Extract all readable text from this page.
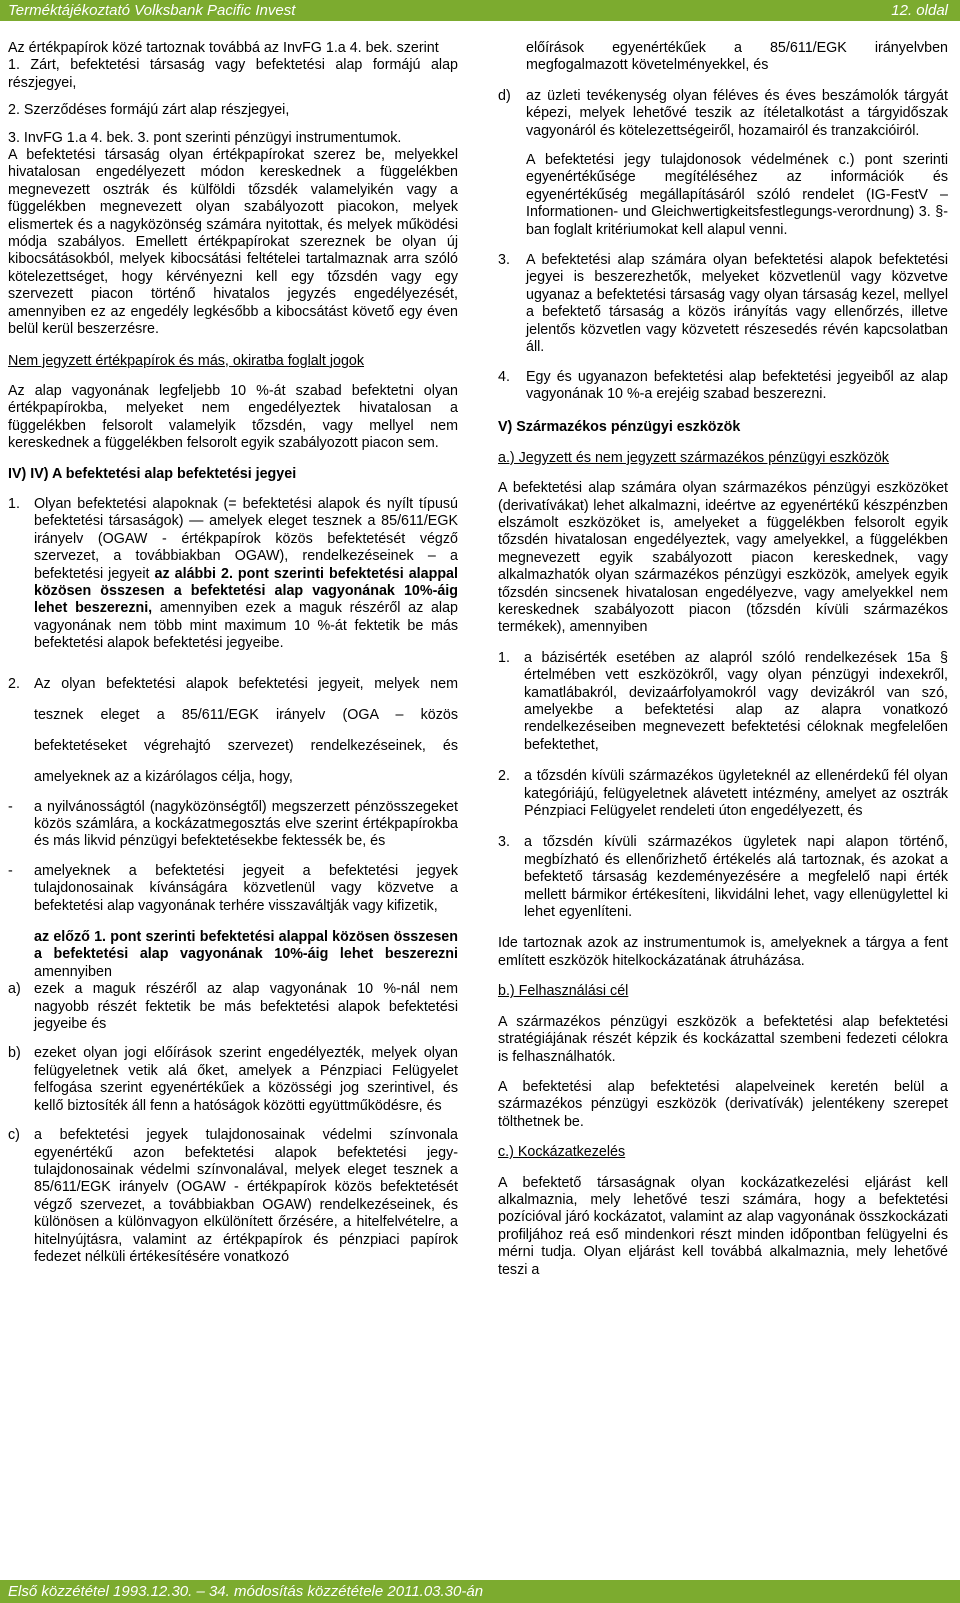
Terméktájékoztató Volksbank Pacific Invest	12. oldal

Az értékpapírok közé tartoznak továbbá az InvFG 1.a 4. bek. szerint

1. Zárt, befektetési társaság vagy befektetési alap formájú alap részjegyei,

2. Szerződéses formájú zárt alap részjegyei,

3. InvFG 1.a 4. bek. 3. pont szerinti pénzügyi instrumentumok.

A befektetési társaság olyan értékpapírokat szerez be, melyekkel hivatalosan engedélyezett módon kereskednek a függelékben megnevezett osztrák és külföldi tőzsdék valamelyikén vagy a függelékben megnevezett olyan szabályozott piacokon, melyek elismertek és a nagyközönség számára nyitottak, és melyek működési módja szabályos. Emellett értékpapírokat szereznek be olyan új kibocsátásokból, melyek kibocsátási feltételei tartalmaznak arra szóló kötelezettséget, hogy kérvényezni kell egy tőzsdén vagy egy szervezett piacon történő hivatalos jegyzés engedélyezését, amennyiben ez az engedély legkésőbb a kibocsátást követő egy éven belül kerül beszerzésre.

Nem jegyzett értékpapírok és más, okiratba foglalt jogok

Az alap vagyonának legfeljebb 10 %-át szabad befektetni olyan értékpapírokba, melyeket nem engedélyeztek hivatalosan a függelékben felsorolt valamelyik tőzsdén, vagy mellyel nem kereskednek a függelékben felsorolt egyik szabályozott piacon sem.

IV) IV) A befektetési alap befektetési jegyei

1. Olyan befektetési alapoknak (= befektetési alapok és nyílt típusú befektetési társaságok) — amelyek eleget tesznek a 85/611/EGK irányelv (OGAW - értékpapírok közös befektetését végző szervezet, a továbbiakban OGAW), rendelkezéseinek – a befektetési jegyeit az alábbi 2. pont szerinti befektetési alappal közösen összesen a befektetési alap vagyonának 10%-áig lehet beszerezni, amennyiben ezek a maguk részéről az alap vagyonának nem több mint maximum 10 %-át fektetik be más befektetési alapok befektetési jegyeibe.
2. Az olyan befektetési alapok befektetési jegyeit, melyek nem tesznek eleget a 85/611/EGK irányelv (OGA – közös befektetéseket végrehajtó szervezet) rendelkezéseinek, és amelyeknek az a kizárólagos célja, hogy,
-	a nyilvánosságtól (nagyközönségtől) megszerzett pénzösszegeket közös számlára, a kockázatmegosztás elve szerint értékpapírokba és más likvid pénzügyi befektetésekbe fektessék be, és
-	amelyeknek a befektetési jegyeit a befektetési jegyek tulajdonosainak kívánságára közvetlenül vagy közvetve a befektetési alap vagyonának terhére visszaváltják vagy kifizetik,

az előző 1. pont szerinti befektetési alappal közösen összesen a befektetési alap vagyonának 10%-áig lehet beszerezni amennyiben

a) ezek a maguk részéről az alap vagyonának 10 %-nál nem nagyobb részét fektetik be más befektetési alapok befektetési jegyeibe és
b) ezeket olyan jogi előírások szerint engedélyezték, melyek olyan felügyeletnek vetik alá őket, amelyek a Pénzpiaci Felügyelet felfogása szerint egyenértékűek a közösségi jog szerintivel, és kellő biztosíték áll fenn a hatóságok közötti együttműködésre, és
c) a befektetési jegyek tulajdonosainak védelmi színvonala egyenértékű azon befektetési alapok befektetési jegy-tulajdonosainak védelmi színvonalával, melyek eleget tesznek a 85/611/EGK irányelv (OGAW - értékpapírok közös befektetését végző szervezet, a továbbiakban OGAW) rendelkezéseinek, és különösen a különvagyon elkülönített őrzésére, a hitelfelvételre, a hitelnyújtásra, valamint az értékpapírok és pénzpiaci papírok fedezet nélküli értékesítésére vonatkozó

előírások egyenértékűek a 85/611/EGK irányelvben megfogalmazott követelményekkel, és

d)	az üzleti tevékenység olyan féléves és éves beszámolók tárgyát képezi, melyek lehetővé teszik az ítéletalkotást a tárgyidőszak vagyonáról és kötelezettségeiről, hozamairól és tranzakcióiról.

A befektetési jegy tulajdonosok védelmének c.) pont szerinti egyenértékűsége megítéléséhez az információk és egyenértékűség megállapításáról szóló rendelet (IG-FestV – Informationen- und Gleichwertigkeitsfestlegungs-verordnung) 3. §-ban foglalt kritériumokat kell alapul venni.

3.	A befektetési alap számára olyan befektetési alapok befektetési jegyei is beszerezhetők, melyeket közvetlenül vagy közvetve ugyanaz a befektetési társaság vagy olyan társaság kezel, mellyel a befektető társaság a közös irányítás vagy ellenőrzés, illetve jelentős közvetlen vagy közvetett részesedés révén kapcsolatban áll.
4.	Egy és ugyanazon befektetési alap befektetési jegyeiből az alap vagyonának 10 %-a erejéig szabad beszerezni.

V) Származékos pénzügyi eszközök

a.) Jegyzett és nem jegyzett származékos pénzügyi eszközök

A befektetési alap számára olyan származékos pénzügyi eszközöket (derivatívákat) lehet alkalmazni, ideértve az egyenértékű készpénzben elszámolt eszközöket is, amelyeket a függelékben felsorolt egyik tőzsdén hivatalosan engedélyeztek, vagy amelyekkel, a függelékben megnevezett egyik szabályozott piacon kereskednek, vagy alkalmazhatók olyan származékos pénzügyi eszközök, amelyek egyik tőzsdén sincsenek hivatalosan engedélyezve, vagy amelyekkel nem kereskednek szabályozott piacon (tőzsdén kívüli származékos termékek), amennyiben

1. a bázisérték esetében az alapról szóló rendelkezések 15a § értelmében vett eszközökről, vagy olyan pénzügyi indexekről, kamatlábakról, devizaárfolyamokról vagy devizákról van szó, amelyekbe a befektetési alap az alapra vonatkozó rendelkezéseiben megnevezett befektetési céloknak megfelelően befektethet,
2. a tőzsdén kívüli származékos ügyleteknél az ellenérdekű fél olyan kategóriájú, felügyeletnek alávetett intézmény, amelyet az osztrák Pénzpiaci Felügyelet rendeleti úton engedélyezett, és
3. a tőzsdén kívüli származékos ügyletek napi alapon történő, megbízható és ellenőrizhető értékelés alá tartoznak, és azokat a befektető társaság kezdeményezésére a megfelelő napi érték mellett bármikor értékesíteni, likvidálni lehet, vagy ellenügylettel ki lehet egyenlíteni.

Ide tartoznak azok az instrumentumok is, amelyeknek a tárgya a fent említett eszközök hitelkockázatának átruházása.

b.) Felhasználási cél

A származékos pénzügyi eszközök a befektetési alap befektetési stratégiájának részét képzik és kockázattal szembeni fedezeti célokra is felhasználhatók.

A befektetési alap befektetési alapelveinek keretén belül a származékos pénzügyi eszközök (derivatívák) jelentékeny szerepet tölthetnek be.

c.) Kockázatkezelés

A befektető társaságnak olyan kockázatkezelési eljárást kell alkalmaznia, mely lehetővé teszi számára, hogy a befektetési pozícióval járó kockázatot, valamint az alap vagyonának összkockázati profiljához reá eső mindenkori részt minden időpontban felügyelni és mérni tudja. Olyan eljárást kell továbbá alkalmaznia, mely lehetővé teszi a

Első közzététel 1993.12.30. – 34. módosítás közzététele 2011.03.30-án
